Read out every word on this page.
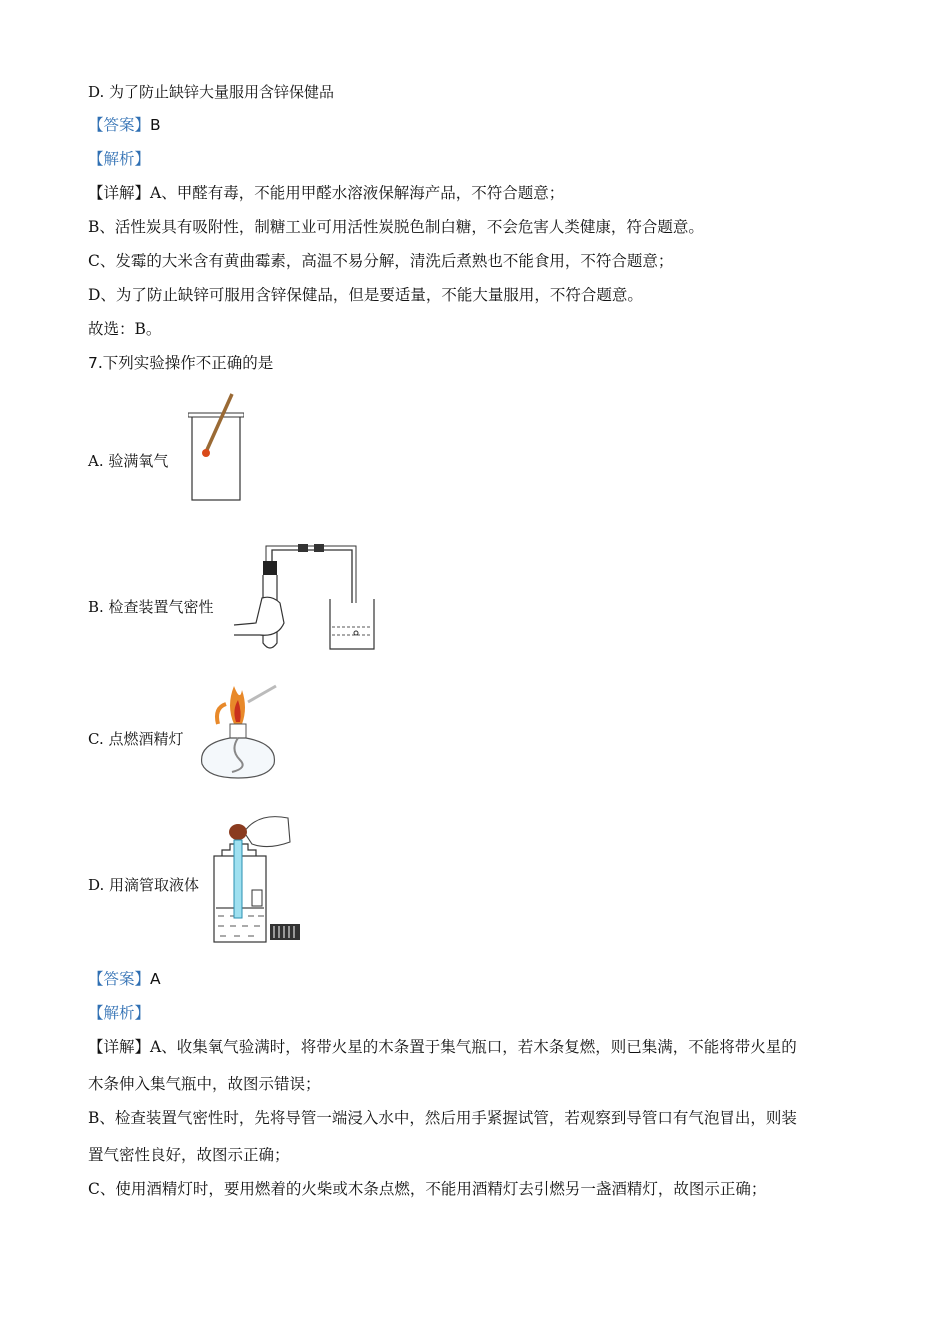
D. 为了防止缺锌大量服用含锌保健品
【答案】B
【解析】
【详解】A、甲醛有毒，不能用甲醛水溶液保解海产品，不符合题意；
B、活性炭具有吸附性，制糖工业可用活性炭脱色制白糖，不会危害人类健康，符合题意。
C、发霉的大米含有黄曲霉素，高温不易分解，清洗后煮熟也不能食用，不符合题意；
D、为了防止缺锌可服用含锌保健品，但是要适量，不能大量服用，不符合题意。
故选：B。
7.下列实验操作不正确的是
A. 验满氧气
B. 检查装置气密性
C. 点燃酒精灯
D. 用滴管取液体
【答案】A
【解析】
【详解】A、收集氧气验满时，将带火星的木条置于集气瓶口，若木条复燃，则已集满，不能将带火星的
木条伸入集气瓶中，故图示错误；
B、检查装置气密性时，先将导管一端浸入水中，然后用手紧握试管，若观察到导管口有气泡冒出，则装
置气密性良好，故图示正确；
C、使用酒精灯时，要用燃着的火柴或木条点燃，不能用酒精灯去引燃另一盏酒精灯，故图示正确；
